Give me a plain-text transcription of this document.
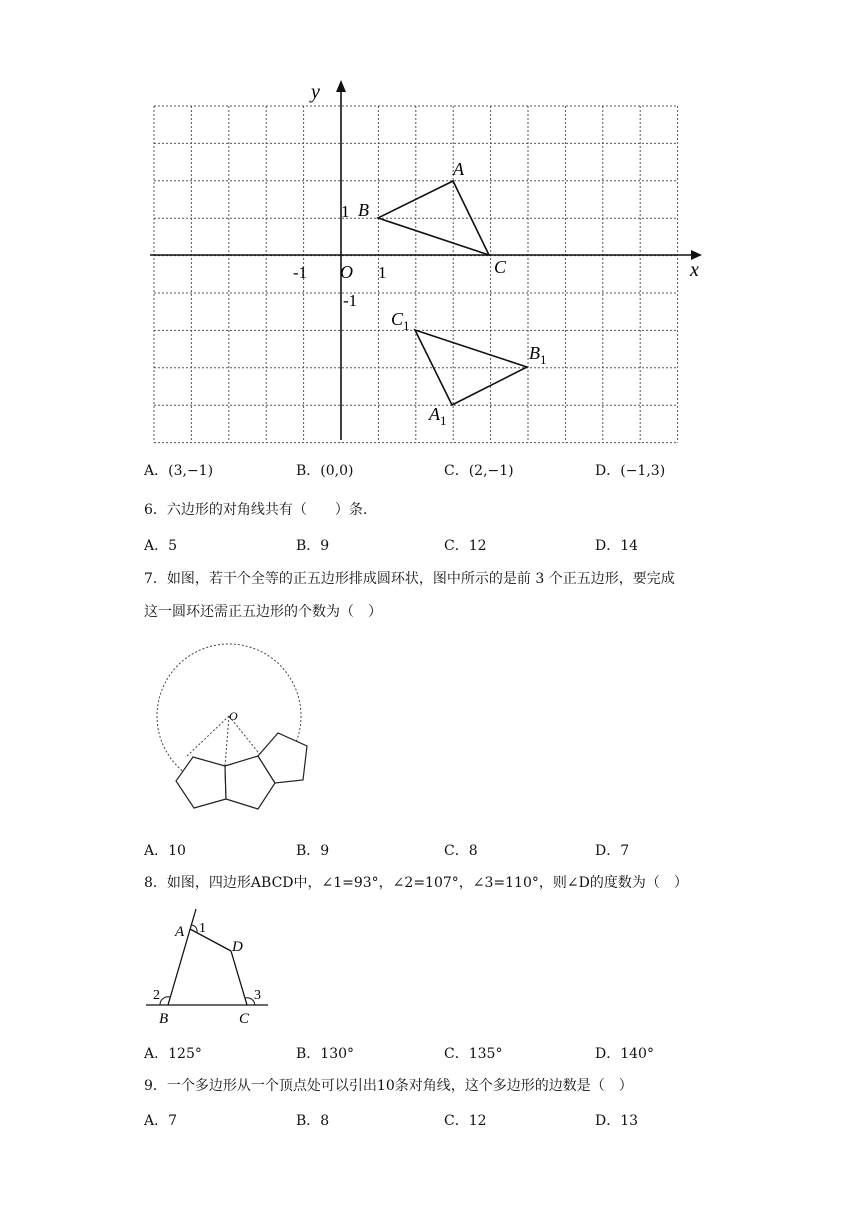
y
x
O
-1	1
1
-1
A
B
C
$C_1$
$B_1$
$A_1$
A．(3,−1)	B．(0,0)	C．(2,−1)	D．(−1,3)
6．六边形的对角线共有（　　）条.
A．5	B．9	C．12	D．14
7．如图，若干个全等的正五边形排成圆环状，图中所示的是前 3 个正五边形，要完成
这一圆环还需正五边形的个数为（　）
O
A．10	B．9	C．8	D．7
8．如图，四边形ABCD中，∠1=93°，∠2=107°，∠3=110°，则∠D的度数为（　）
A 1
D
2	3
B	C
A．125°	B．130°	C．135°	D．140°
9．一个多边形从一个顶点处可以引出10条对角线，这个多边形的边数是（　）
A．7	B．8	C．12	D．13
